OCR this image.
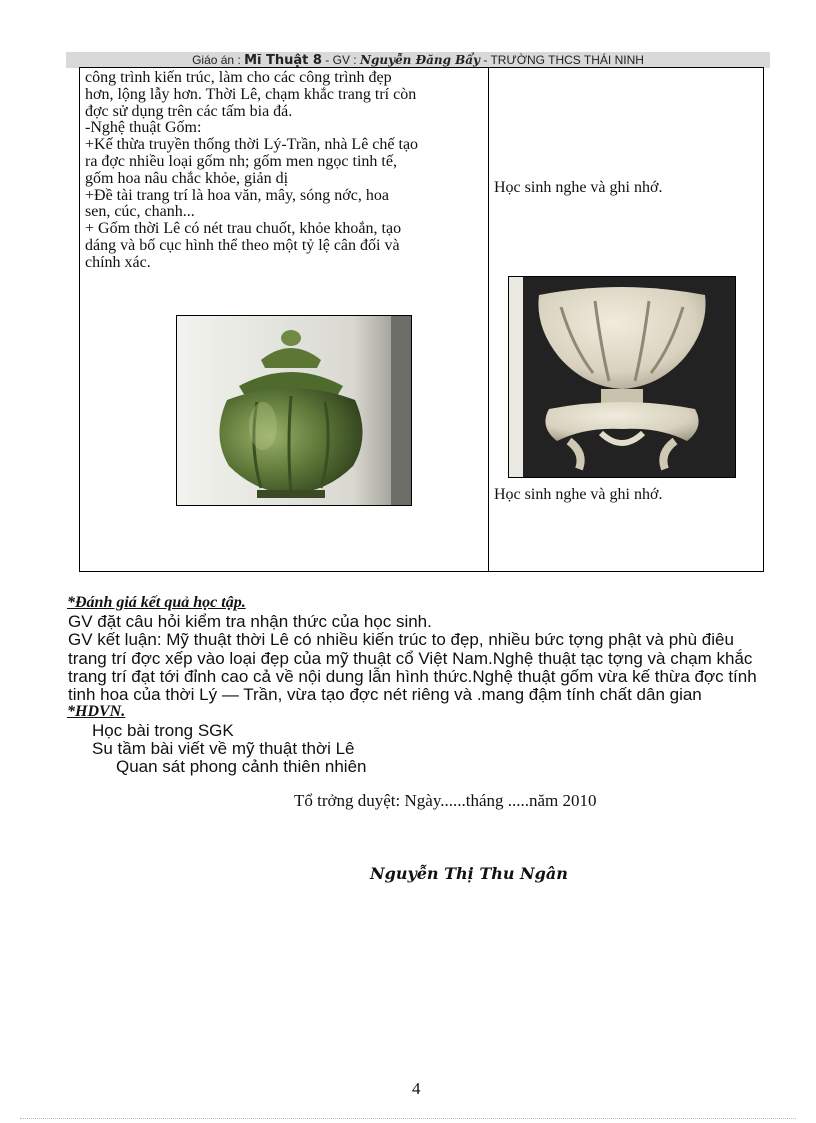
Giáo án : Mĩ Thuật 8 - GV : Nguyễn Đăng Bẩy - TRƯỜNG THCS THÁI NINH
công trình kiến trúc, làm cho các công trình đẹp
hơn, lộng lẫy hơn. Thời Lê, chạm khắc trang trí còn
đợc sử dụng trên các tấm bia đá.
-Nghệ thuật Gốm:
+Kế thừa truyền thống thời Lý-Trần, nhà Lê chế tạo
ra đợc nhiều loại gốm nh; gốm men ngọc tinh tế,
gốm hoa nâu chắc khỏe, giản dị
+Đề tài trang trí là hoa văn, mây, sóng nớc, hoa
sen, cúc, chanh...
+ Gốm thời Lê có nét trau chuốt, khỏe khoắn, tạo
dáng và bố cục hình thể theo một tỷ lệ cân đối và
chính xác.
Học sinh nghe và ghi nhớ.
Học sinh nghe và ghi nhớ.
*Đánh giá kết quả học tập.
GV đặt câu hỏi kiểm tra nhận thức của học sinh.
GV kết luận: Mỹ thuật thời Lê có nhiều kiến trúc to đẹp, nhiều bức tợng phật và phù điêu
trang trí đợc xếp vào loại đẹp của mỹ thuật cổ Việt Nam.Nghệ thuật tạc tợng và chạm khắc
trang trí đạt tới đỉnh cao cả về nội dung lẫn hình thức.Nghệ thuật gốm vừa kế thừa đợc tính
tinh hoa của thời Lý — Trần, vừa tạo đợc nét riêng và .mang đậm tính chất dân gian
*HDVN.
Học bài trong SGK
Su tầm bài viết về mỹ thuật thời Lê
Quan sát phong cảnh thiên nhiên
Tổ trởng duyệt: Ngày......tháng .....năm 2010
Nguyễn Thị Thu Ngân
4
